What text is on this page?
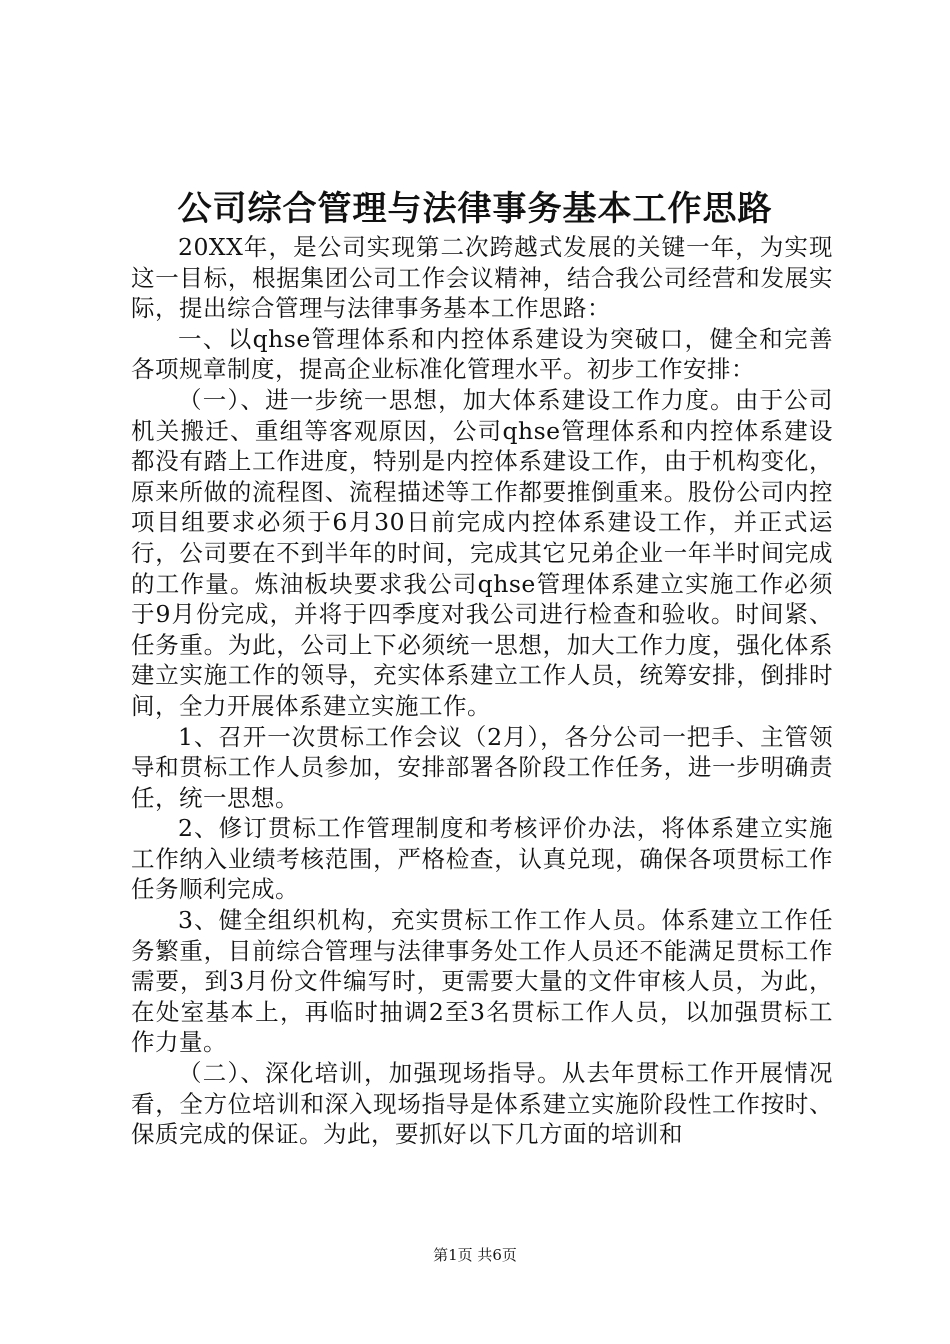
公司综合管理与法律事务基本工作思路

20XX年，是公司实现第二次跨越式发展的关键一年，为实现这一目标，根据集团公司工作会议精神，结合我公司经营和发展实际，提出综合管理与法律事务基本工作思路：

一、以qhse管理体系和内控体系建设为突破口，健全和完善各项规章制度，提高企业标准化管理水平。初步工作安排：

（一）、进一步统一思想，加大体系建设工作力度。由于公司机关搬迁、重组等客观原因，公司qhse管理体系和内控体系建设都没有踏上工作进度，特别是内控体系建设工作，由于机构变化，原来所做的流程图、流程描述等工作都要推倒重来。股份公司内控项目组要求必须于6月30日前完成内控体系建设工作，并正式运行，公司要在不到半年的时间，完成其它兄弟企业一年半时间完成的工作量。炼油板块要求我公司qhse管理体系建立实施工作必须于9月份完成，并将于四季度对我公司进行检查和验收。时间紧、任务重。为此，公司上下必须统一思想，加大工作力度，强化体系建立实施工作的领导，充实体系建立工作人员，统筹安排，倒排时间，全力开展体系建立实施工作。

1、召开一次贯标工作会议（2月），各分公司一把手、主管领导和贯标工作人员参加，安排部署各阶段工作任务，进一步明确责任，统一思想。

2、修订贯标工作管理制度和考核评价办法，将体系建立实施工作纳入业绩考核范围，严格检查，认真兑现，确保各项贯标工作任务顺利完成。

3、健全组织机构，充实贯标工作工作人员。体系建立工作任务繁重，目前综合管理与法律事务处工作人员还不能满足贯标工作需要，到3月份文件编写时，更需要大量的文件审核人员，为此，在处室基本上，再临时抽调2至3名贯标工作人员，以加强贯标工作力量。

（二）、深化培训，加强现场指导。从去年贯标工作开展情况看，全方位培训和深入现场指导是体系建立实施阶段性工作按时、保质完成的保证。为此，要抓好以下几方面的培训和

第1页 共6页
